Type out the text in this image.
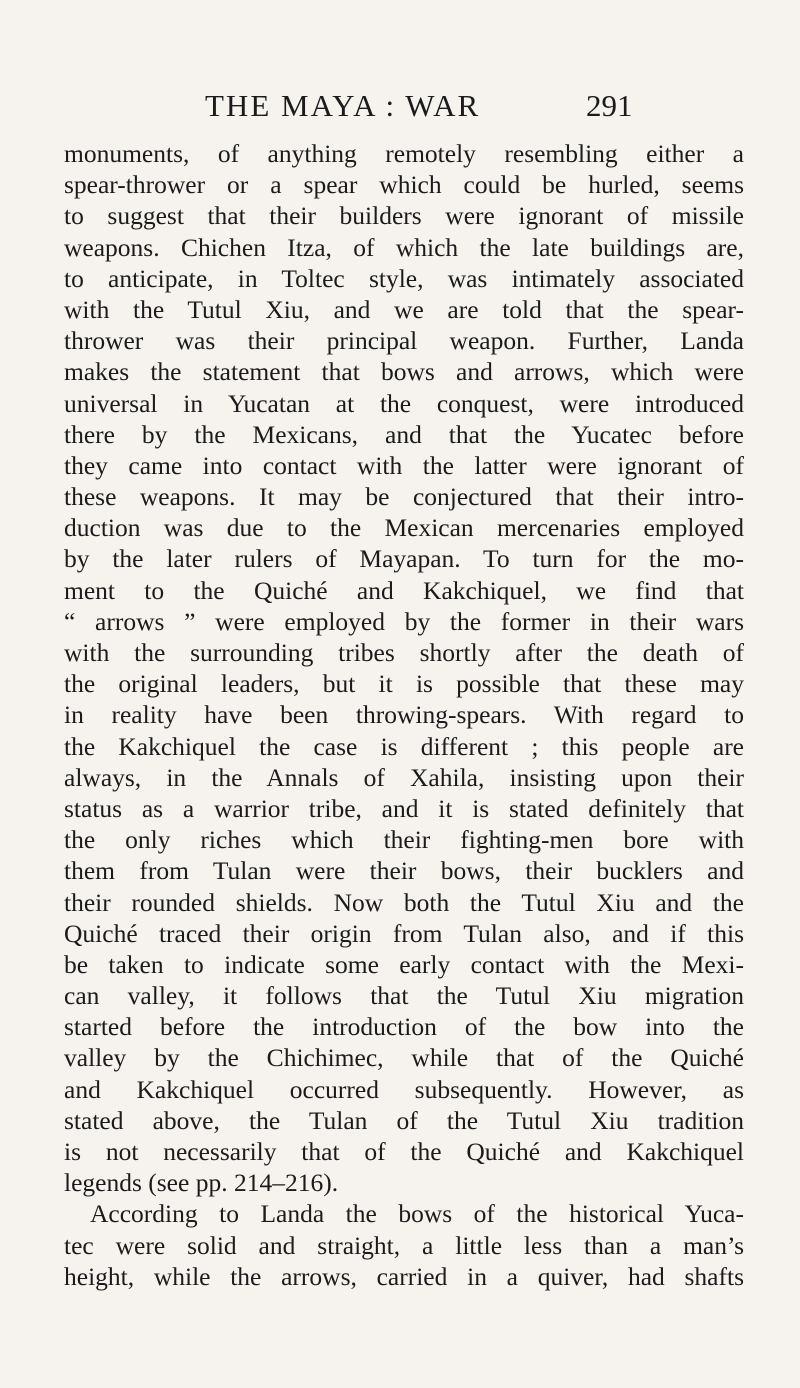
THE MAYA : WAR	291
monuments, of anything remotely resembling either a
spear-thrower or a spear which could be hurled, seems
to suggest that their builders were ignorant of missile
weapons. Chichen Itza, of which the late buildings are,
to anticipate, in Toltec style, was intimately associated
with the Tutul Xiu, and we are told that the spear-
thrower was their principal weapon. Further, Landa
makes the statement that bows and arrows, which were
universal in Yucatan at the conquest, were introduced
there by the Mexicans, and that the Yucatec before
they came into contact with the latter were ignorant of
these weapons. It may be conjectured that their intro-
duction was due to the Mexican mercenaries employed
by the later rulers of Mayapan. To turn for the mo-
ment to the Quiché and Kakchiquel, we find that
“ arrows ” were employed by the former in their wars
with the surrounding tribes shortly after the death of
the original leaders, but it is possible that these may
in reality have been throwing-spears. With regard to
the Kakchiquel the case is different ; this people are
always, in the Annals of Xahila, insisting upon their
status as a warrior tribe, and it is stated definitely that
the only riches which their fighting-men bore with
them from Tulan were their bows, their bucklers and
their rounded shields. Now both the Tutul Xiu and the
Quiché traced their origin from Tulan also, and if this
be taken to indicate some early contact with the Mexi-
can valley, it follows that the Tutul Xiu migration
started before the introduction of the bow into the
valley by the Chichimec, while that of the Quiché
and Kakchiquel occurred subsequently. However, as
stated above, the Tulan of the Tutul Xiu tradition
is not necessarily that of the Quiché and Kakchiquel
legends (see pp. 214–216).
According to Landa the bows of the historical Yuca-
tec were solid and straight, a little less than a man’s
height, while the arrows, carried in a quiver, had shafts
